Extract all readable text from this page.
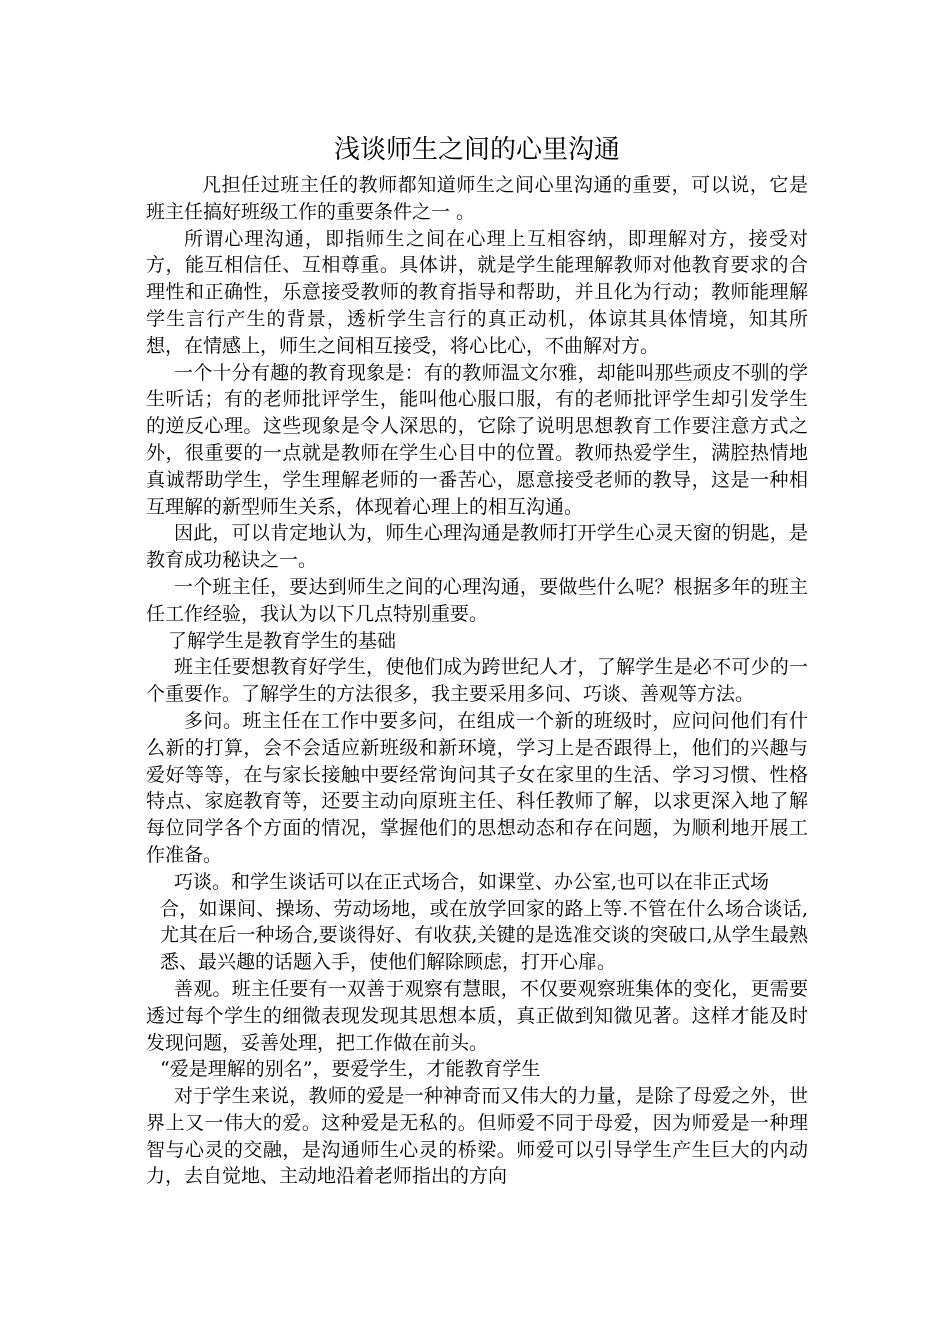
浅谈师生之间的心里沟通

凡担任过班主任的教师都知道师生之间心里沟通的重要，可以说，它是班主任搞好班级工作的重要条件之一 。

所谓心理沟通，即指师生之间在心理上互相容纳，即理解对方，接受对方，能互相信任、互相尊重。具体讲，就是学生能理解教师对他教育要求的合理性和正确性，乐意接受教师的教育指导和帮助，并且化为行动；教师能理解学生言行产生的背景，透析学生言行的真正动机，体谅其具体情境，知其所想，在情感上，师生之间相互接受，将心比心，不曲解对方。

一个十分有趣的教育现象是：有的教师温文尔雅，却能叫那些顽皮不驯的学生听话；有的老师批评学生，能叫他心服口服，有的老师批评学生却引发学生的逆反心理。这些现象是令人深思的，它除了说明思想教育工作要注意方式之外，很重要的一点就是教师在学生心目中的位置。教师热爱学生，满腔热情地真诚帮助学生，学生理解老师的一番苦心，愿意接受老师的教导，这是一种相互理解的新型师生关系，体现着心理上的相互沟通。

因此，可以肯定地认为，师生心理沟通是教师打开学生心灵天窗的钥匙，是教育成功秘诀之一。

一个班主任，要达到师生之间的心理沟通，要做些什么呢？根据多年的班主任工作经验，我认为以下几点特别重要。

了解学生是教育学生的基础

班主任要想教育好学生，使他们成为跨世纪人才，了解学生是必不可少的一个重要作。了解学生的方法很多，我主要采用多问、巧谈、善观等方法。

多问。班主任在工作中要多问，在组成一个新的班级时，应问问他们有什么新的打算，会不会适应新班级和新环境，学习上是否跟得上，他们的兴趣与爱好等等，在与家长接触中要经常询问其子女在家里的生活、学习习惯、性格特点、家庭教育等，还要主动向原班主任、科任教师了解，以求更深入地了解每位同学各个方面的情况，掌握他们的思想动态和存在问题，为顺利地开展工作准备。

巧谈。和学生谈话可以在正式场合，如课堂、办公室,也可以在非正式场

合，如课间、操场、劳动场地，或在放学回家的路上等.不管在什么场合谈话,尤其在后一种场合,要谈得好、有收获,关键的是选准交谈的突破口,从学生最熟悉、最兴趣的话题入手，使他们解除顾虑，打开心扉。

善观。班主任要有一双善于观察有慧眼，不仅要观察班集体的变化，更需要透过每个学生的细微表现发现其思想本质，真正做到知微见著。这样才能及时发现问题，妥善处理，把工作做在前头。

“爱是理解的别名”，要爱学生，才能教育学生

对于学生来说，教师的爱是一种神奇而又伟大的力量，是除了母爱之外，世界上又一伟大的爱。这种爱是无私的。但师爱不同于母爱，因为师爱是一种理智与心灵的交融，是沟通师生心灵的桥梁。师爱可以引导学生产生巨大的内动力，去自觉地、主动地沿着老师指出的方向
